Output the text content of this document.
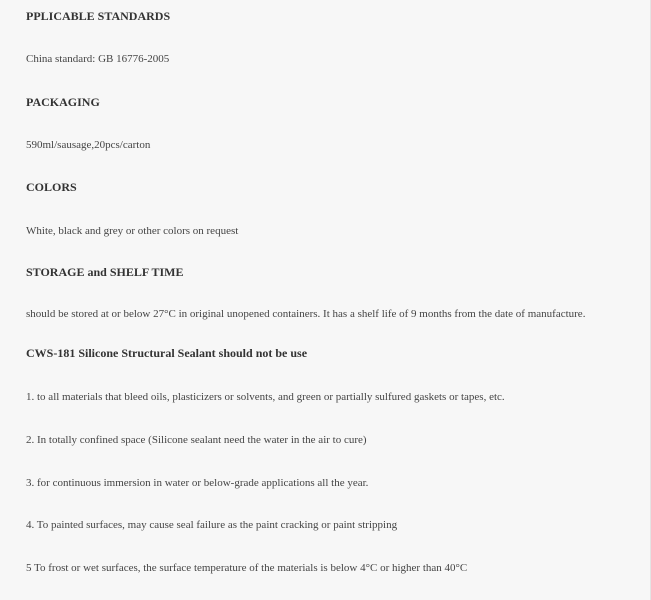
PPLICABLE STANDARDS
China standard: GB 16776-2005
PACKAGING
590ml/sausage,20pcs/carton
COLORS
White, black and grey or other colors on request
STORAGE and SHELF TIME
should be stored at or below 27°C in original unopened containers. It has a shelf life of 9 months from the date of manufacture.
CWS-181 Silicone Structural Sealant should not be use
1. to all materials that bleed oils, plasticizers or solvents, and green or partially sulfured gaskets or tapes, etc.
2. In totally confined space (Silicone sealant need the water in the air to cure)
3. for continuous immersion in water or below-grade applications all the year.
4. To painted surfaces, may cause seal failure as the paint cracking or paint stripping
5 To frost or wet surfaces, the surface temperature of the materials is below 4°C or higher than 40°C
